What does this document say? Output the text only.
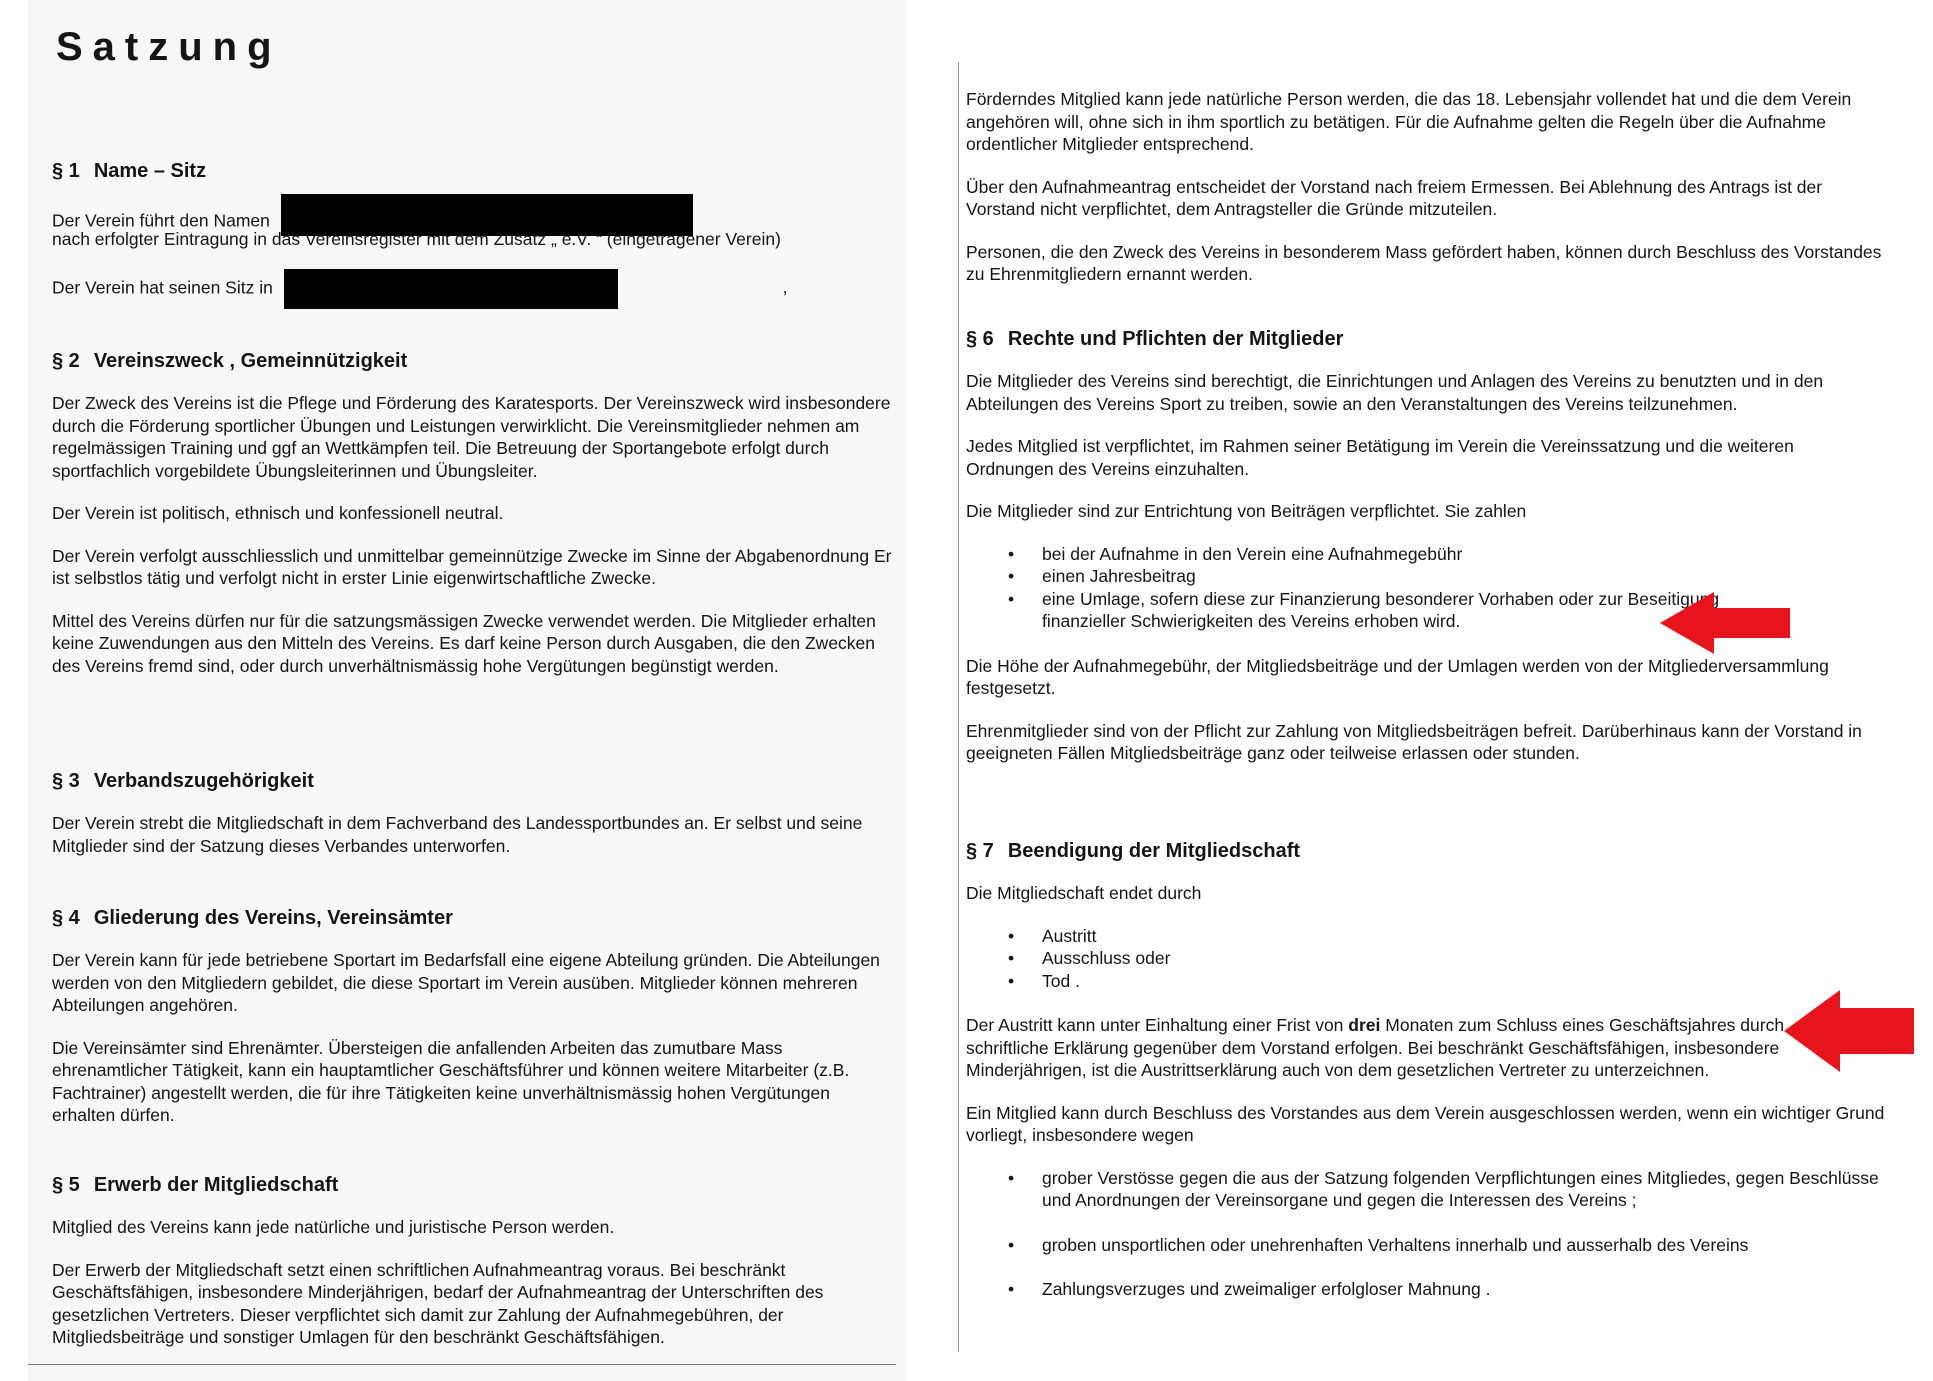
Satzung
§ 1 Name – Sitz
Der Verein führt den Namen
nach erfolgter Eintragung in das Vereinsregister mit dem Zusatz „ e.V. “ (eingetragener Verein)
Der Verein hat seinen Sitz in	,
§ 2 Vereinszweck , Gemeinnützigkeit

Der Zweck des Vereins ist die Pflege und Förderung des Karatesports. Der Vereinszweck wird insbesondere durch die Förderung sportlicher Übungen und Leistungen verwirklicht. Die Vereinsmitglieder nehmen am regelmässigen Training und ggf an Wettkämpfen teil. Die Betreuung der Sportangebote erfolgt durch sportfachlich vorgebildete Übungsleiterinnen und Übungsleiter.

Der Verein ist politisch, ethnisch und konfessionell neutral.

Der Verein verfolgt ausschliesslich und unmittelbar gemeinnützige Zwecke im Sinne der Abgabenordnung Er ist selbstlos tätig und verfolgt nicht in erster Linie eigenwirtschaftliche Zwecke.

Mittel des Vereins dürfen nur für die satzungsmässigen Zwecke verwendet werden. Die Mitglieder erhalten keine Zuwendungen aus den Mitteln des Vereins. Es darf keine Person durch Ausgaben, die den Zwecken des Vereins fremd sind, oder durch unverhältnismässig hohe Vergütungen begünstigt werden.

§ 3 Verbandszugehörigkeit

Der Verein strebt die Mitgliedschaft in dem Fachverband des Landessportbundes an. Er selbst und seine Mitglieder sind der Satzung dieses Verbandes unterworfen.

§ 4 Gliederung des Vereins, Vereinsämter

Der Verein kann für jede betriebene Sportart im Bedarfsfall eine eigene Abteilung gründen. Die Abteilungen werden von den Mitgliedern gebildet, die diese Sportart im Verein ausüben. Mitglieder können mehreren Abteilungen angehören.

Die Vereinsämter sind Ehrenämter. Übersteigen die anfallenden Arbeiten das zumutbare Mass ehrenamtlicher Tätigkeit, kann ein hauptamtlicher Geschäftsführer und können weitere Mitarbeiter (z.B. Fachtrainer) angestellt werden, die für ihre Tätigkeiten keine unverhältnismässig hohen Vergütungen erhalten dürfen.

§ 5 Erwerb der Mitgliedschaft

Mitglied des Vereins kann jede natürliche und juristische Person werden.

Der Erwerb der Mitgliedschaft setzt einen schriftlichen Aufnahmeantrag voraus. Bei beschränkt Geschäftsfähigen, insbesondere Minderjährigen, bedarf der Aufnahmeantrag der Unterschriften des gesetzlichen Vertreters. Dieser verpflichtet sich damit zur Zahlung der Aufnahmegebühren, der Mitgliedsbeiträge und sonstiger Umlagen für den beschränkt Geschäftsfähigen.

Förderndes Mitglied kann jede natürliche Person werden, die das 18. Lebensjahr vollendet hat und die dem Verein angehören will, ohne sich in ihm sportlich zu betätigen. Für die Aufnahme gelten die Regeln über die Aufnahme ordentlicher Mitglieder entsprechend.

Über den Aufnahmeantrag entscheidet der Vorstand nach freiem Ermessen. Bei Ablehnung des Antrags ist der Vorstand nicht verpflichtet, dem Antragsteller die Gründe mitzuteilen.

Personen, die den Zweck des Vereins in besonderem Mass gefördert haben, können durch Beschluss des Vorstandes zu Ehrenmitgliedern ernannt werden.

§ 6 Rechte und Pflichten der Mitglieder

Die Mitglieder des Vereins sind berechtigt, die Einrichtungen und Anlagen des Vereins zu benutzten und in den Abteilungen des Vereins Sport zu treiben, sowie an den Veranstaltungen des Vereins teilzunehmen.

Jedes Mitglied ist verpflichtet, im Rahmen seiner Betätigung im Verein die Vereinssatzung und die weiteren Ordnungen des Vereins einzuhalten.

Die Mitglieder sind zur Entrichtung von Beiträgen verpflichtet. Sie zahlen

• bei der Aufnahme in den Verein eine Aufnahmegebühr
• einen Jahresbeitrag
• eine Umlage, sofern diese zur Finanzierung besonderer Vorhaben oder zur Beseitigung finanzieller Schwierigkeiten des Vereins erhoben wird.

Die Höhe der Aufnahmegebühr, der Mitgliedsbeiträge und der Umlagen werden von der Mitgliederversammlung festgesetzt.

Ehrenmitglieder sind von der Pflicht zur Zahlung von Mitgliedsbeiträgen befreit. Darüberhinaus kann der Vorstand in geeigneten Fällen Mitgliedsbeiträge ganz oder teilweise erlassen oder stunden.

§ 7 Beendigung der Mitgliedschaft

Die Mitgliedschaft endet durch

• Austritt
• Ausschluss oder
• Tod .

Der Austritt kann unter Einhaltung einer Frist von drei Monaten zum Schluss eines Geschäftsjahres durch schriftliche Erklärung gegenüber dem Vorstand erfolgen. Bei beschränkt Geschäftsfähigen, insbesondere Minderjährigen, ist die Austrittserklärung auch von dem gesetzlichen Vertreter zu unterzeichnen.

Ein Mitglied kann durch Beschluss des Vorstandes aus dem Verein ausgeschlossen werden, wenn ein wichtiger Grund vorliegt, insbesondere wegen

• grober Verstösse gegen die aus der Satzung folgenden Verpflichtungen eines Mitgliedes, gegen Beschlüsse und Anordnungen der Vereinsorgane und gegen die Interessen des Vereins ;
• groben unsportlichen oder unehrenhaften Verhaltens innerhalb und ausserhalb des Vereins
• Zahlungsverzuges und zweimaliger erfolgloser Mahnung .
